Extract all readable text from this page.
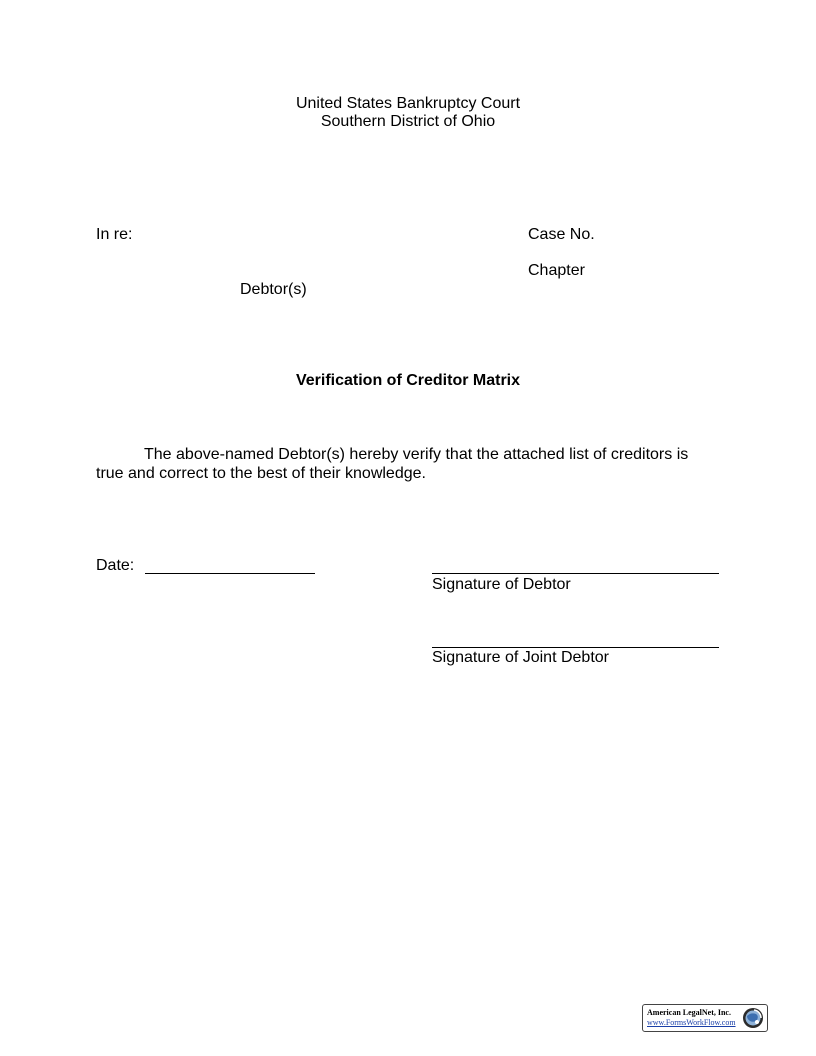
United States Bankruptcy Court
Southern District of Ohio
In re:	Case No.
Chapter
Debtor(s)
Verification of Creditor Matrix
The above-named Debtor(s) hereby verify that the attached list of creditors is true and correct to the best of their knowledge.
Date:
Signature of Debtor
Signature of Joint Debtor
American LegalNet, Inc.
www.FormsWorkFlow.com
